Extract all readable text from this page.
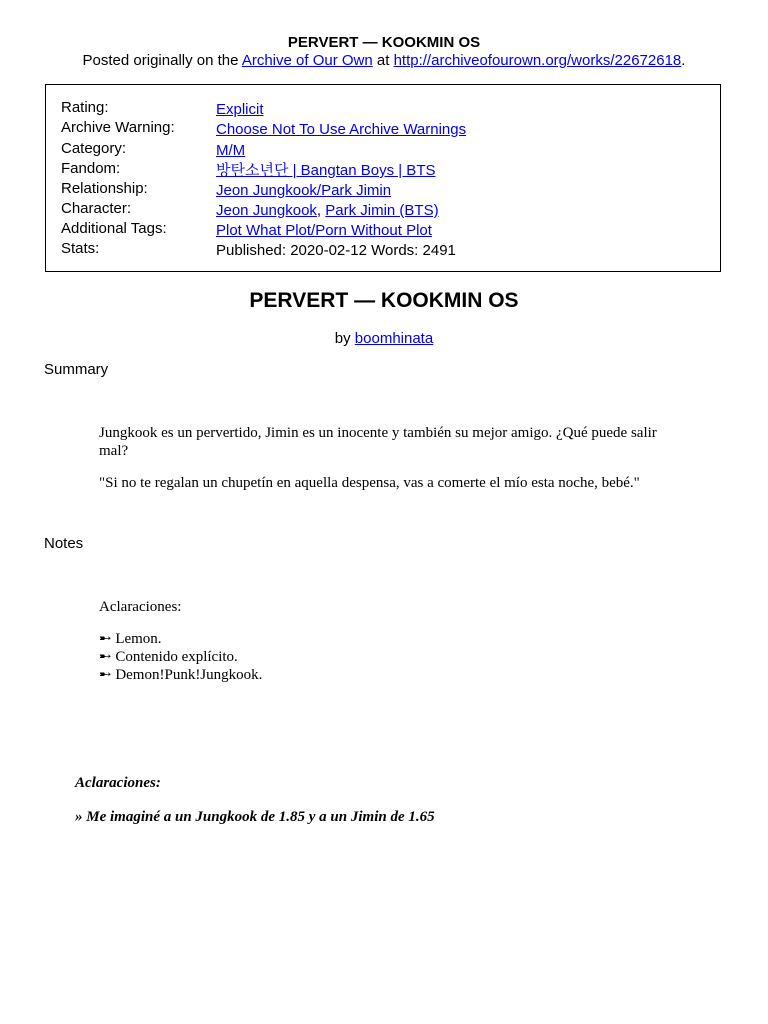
PERVERT — KOOKMIN OS
Posted originally on the Archive of Our Own at http://archiveofourown.org/works/22672618.
Rating:	Explicit
Archive Warning:	Choose Not To Use Archive Warnings
Category:	M/M
Fandom:	방탄소년단 | Bangtan Boys | BTS
Relationship:	Jeon Jungkook/Park Jimin
Character:	Jeon Jungkook, Park Jimin (BTS)
Additional Tags:	Plot What Plot/Porn Without Plot
Stats:	Published: 2020-02-12 Words: 2491
PERVERT — KOOKMIN OS
by boomhinata
Summary
Jungkook es un pervertido, Jimin es un inocente y también su mejor amigo. ¿Qué puede salir mal?
"Si no te regalan un chupetín en aquella despensa, vas a comerte el mío esta noche, bebé."
Notes
Aclaraciones:
➸ Lemon.
➸ Contenido explícito.
➸ Demon!Punk!Jungkook.
Aclaraciones:
» Me imaginé a un Jungkook de 1.85 y a un Jimin de 1.65
